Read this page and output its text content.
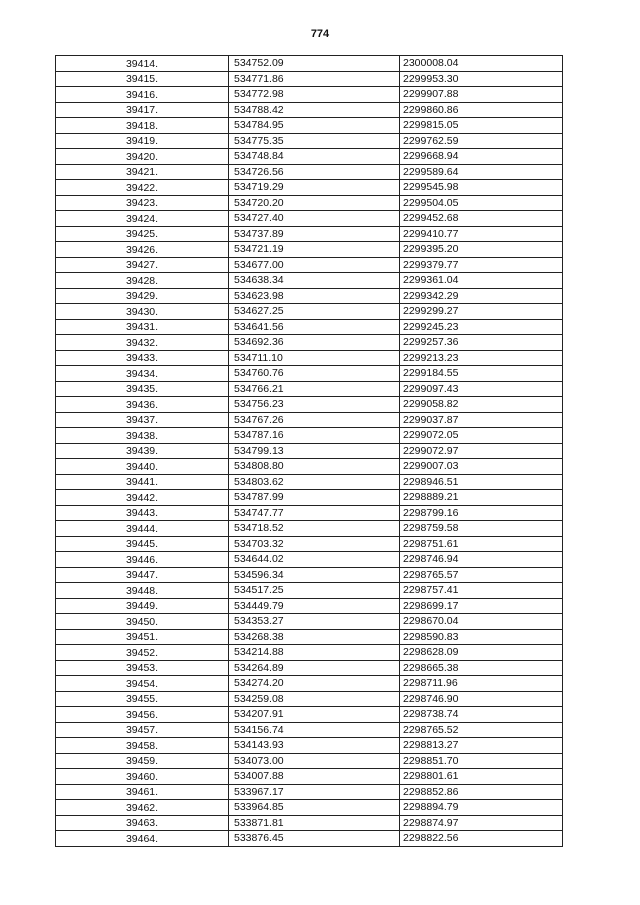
774
39414.	534752.09	2300008.04
39415.	534771.86	2299953.30
39416.	534772.98	2299907.88
39417.	534788.42	2299860.86
39418.	534784.95	2299815.05
39419.	534775.35	2299762.59
39420.	534748.84	2299668.94
39421.	534726.56	2299589.64
39422.	534719.29	2299545.98
39423.	534720.20	2299504.05
39424.	534727.40	2299452.68
39425.	534737.89	2299410.77
39426.	534721.19	2299395.20
39427.	534677.00	2299379.77
39428.	534638.34	2299361.04
39429.	534623.98	2299342.29
39430.	534627.25	2299299.27
39431.	534641.56	2299245.23
39432.	534692.36	2299257.36
39433.	534711.10	2299213.23
39434.	534760.76	2299184.55
39435.	534766.21	2299097.43
39436.	534756.23	2299058.82
39437.	534767.26	2299037.87
39438.	534787.16	2299072.05
39439.	534799.13	2299072.97
39440.	534808.80	2299007.03
39441.	534803.62	2298946.51
39442.	534787.99	2298889.21
39443.	534747.77	2298799.16
39444.	534718.52	2298759.58
39445.	534703.32	2298751.61
39446.	534644.02	2298746.94
39447.	534596.34	2298765.57
39448.	534517.25	2298757.41
39449.	534449.79	2298699.17
39450.	534353.27	2298670.04
39451.	534268.38	2298590.83
39452.	534214.88	2298628.09
39453.	534264.89	2298665.38
39454.	534274.20	2298711.96
39455.	534259.08	2298746.90
39456.	534207.91	2298738.74
39457.	534156.74	2298765.52
39458.	534143.93	2298813.27
39459.	534073.00	2298851.70
39460.	534007.88	2298801.61
39461.	533967.17	2298852.86
39462.	533964.85	2298894.79
39463.	533871.81	2298874.97
39464.	533876.45	2298822.56
